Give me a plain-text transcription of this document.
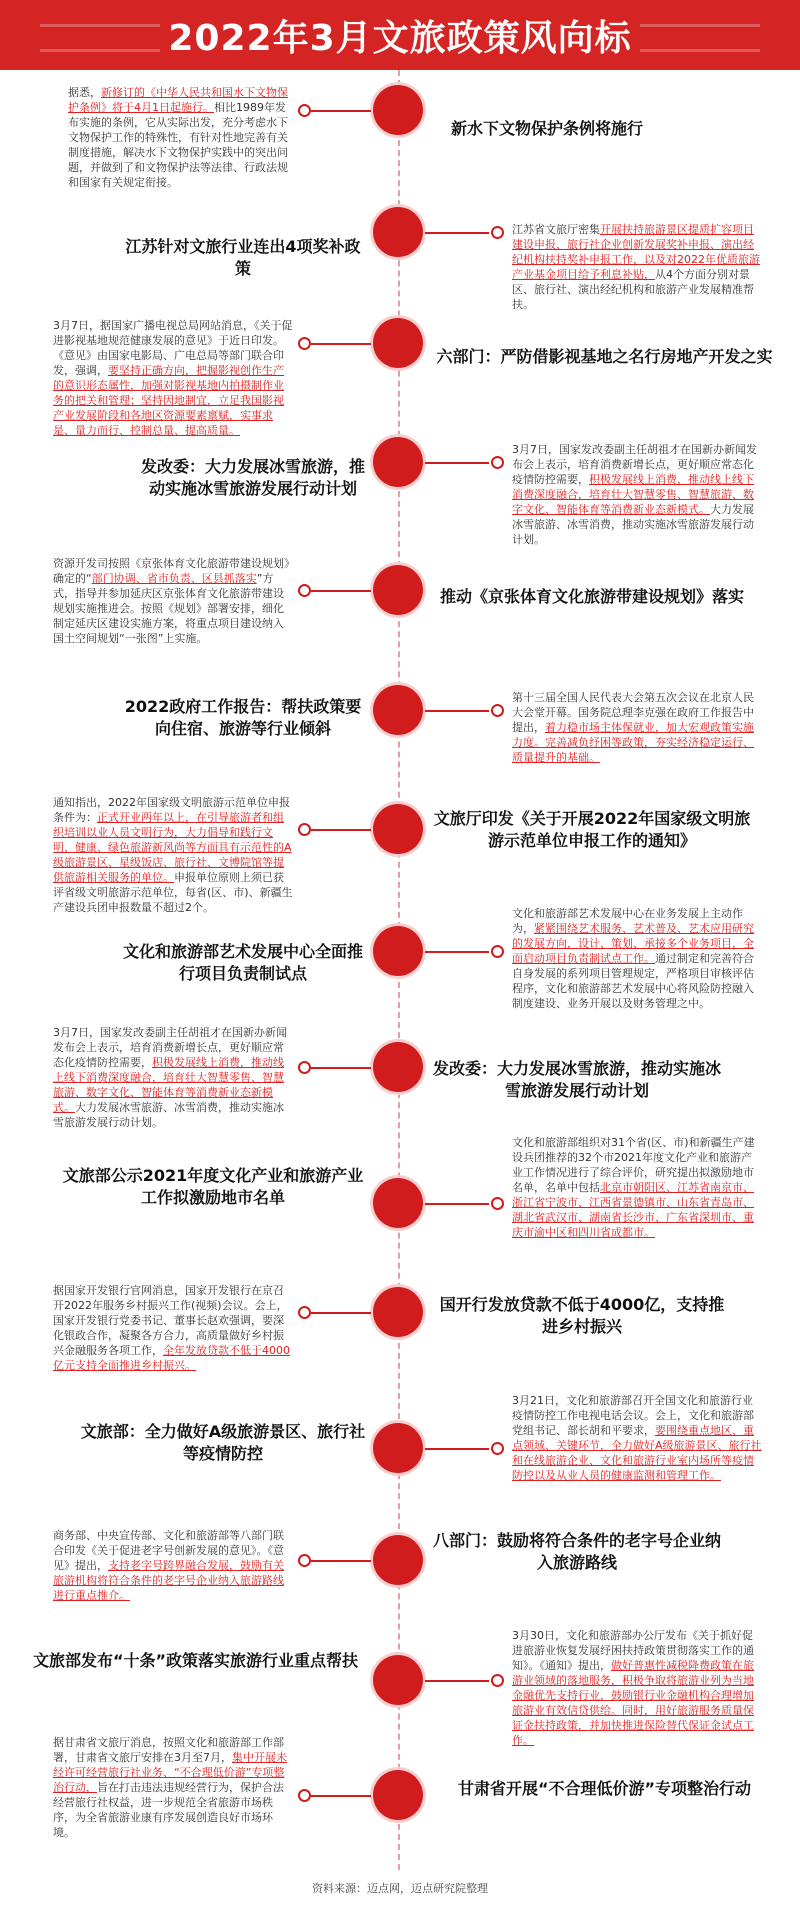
2022年3月文旅政策风向标
新水下文物保护条例将施行
据悉，新修订的《中华人民共和国水下文物保护条例》将于4月1日起施行。相比1989年发布实施的条例，它从实际出发，充分考虑水下文物保护工作的特殊性，有针对性地完善有关制度措施，解决水下文物保护实践中的突出问题，并做到了和文物保护法等法律、行政法规和国家有关规定衔接。
江苏针对文旅行业连出4项奖补政策
江苏省文旅厅密集开展扶持旅游景区提质扩容项目建设申报、旅行社企业创新发展奖补申报、演出经纪机构扶持奖补申报工作，以及对2022年优质旅游产业基金项目给予利息补贴，从4个方面分别对景区、旅行社、演出经纪机构和旅游产业发展精准帮扶。
六部门：严防借影视基地之名行房地产开发之实
3月7日，据国家广播电视总局网站消息，《关于促进影视基地规范健康发展的意见》于近日印发。《意见》由国家电影局、广电总局等部门联合印发，强调，要坚持正确方向，把握影视创作生产的意识形态属性，加强对影视基地内拍摄制作业务的把关和管理；坚持因地制宜，立足我国影视产业发展阶段和各地区资源要素禀赋，实事求是、量力而行、控制总量、提高质量。
发改委：大力发展冰雪旅游，推动实施冰雪旅游发展行动计划
3月7日，国家发改委副主任胡祖才在国新办新闻发布会上表示，培育消费新增长点，更好顺应常态化疫情防控需要，积极发展线上消费，推动线上线下消费深度融合，培育壮大智慧零售、智慧旅游、数字文化、智能体育等消费新业态新模式。大力发展冰雪旅游、冰雪消费，推动实施冰雪旅游发展行动计划。
推动《京张体育文化旅游带建设规划》落实
资源开发司按照《京张体育文化旅游带建设规划》确定的“部门协调、省市负责、区县抓落实”方式，指导并参加延庆区京张体育文化旅游带建设规划实施推进会。按照《规划》部署安排，细化制定延庆区建设实施方案，将重点项目建设纳入国土空间规划“一张图”上实施。
2022政府工作报告：帮扶政策要向住宿、旅游等行业倾斜
第十三届全国人民代表大会第五次会议在北京人民大会堂开幕。国务院总理李克强在政府工作报告中提出，着力稳市场主体保就业，加大宏观政策实施力度。完善减负纾困等政策，夯实经济稳定运行、质量提升的基础。
文旅厅印发《关于开展2022年国家级文明旅游示范单位申报工作的通知》
通知指出，2022年国家级文明旅游示范单位申报条件为：正式开业两年以上，在引导旅游者和组织培训以业人员文明行为，大力倡导和践行文明、健康、绿色旅游新风尚等方面具有示范性的A级旅游景区、星级饭店、旅行社、文博院馆等提供旅游相关服务的单位。申报单位原则上须已获评省级文明旅游示范单位，每省(区、市)、新疆生产建设兵团申报数量不超过2个。
文化和旅游部艺术发展中心全面推行项目负责制试点
文化和旅游部艺术发展中心在业务发展上主动作为，紧紧围绕艺术服务、艺术普及、艺术应用研究的发展方向，设计、策划、承接多个业务项目，全面启动项目负责制试点工作。通过制定和完善符合自身发展的系列项目管理规定，严格项目审核评估程序，文化和旅游部艺术发展中心将风险防控融入制度建设、业务开展以及财务管理之中。
发改委：大力发展冰雪旅游，推动实施冰雪旅游发展行动计划
3月7日，国家发改委副主任胡祖才在国新办新闻发布会上表示，培育消费新增长点，更好顺应常态化疫情防控需要，积极发展线上消费，推动线上线下消费深度融合，培育壮大智慧零售、智慧旅游、数字文化、智能体育等消费新业态新模式。大力发展冰雪旅游、冰雪消费，推动实施冰雪旅游发展行动计划。
文旅部公示2021年度文化产业和旅游产业工作拟激励地市名单
文化和旅游部组织对31个省(区、市)和新疆生产建设兵团推荐的32个市2021年度文化产业和旅游产业工作情况进行了综合评价，研究提出拟激励地市名单，名单中包括北京市朝阳区、江苏省南京市、浙江省宁波市、江西省景德镇市、山东省青岛市、湖北省武汉市、湖南省长沙市、广东省深圳市、重庆市渝中区和四川省成都市。
国开行发放贷款不低于4000亿，支持推进乡村振兴
据国家开发银行官网消息，国家开发银行在京召开2022年服务乡村振兴工作(视频)会议。会上，国家开发银行党委书记、董事长赵欢强调，要深化银政合作，凝聚各方合力，高质量做好乡村振兴金融服务各项工作，全年发放贷款不低于4000亿元支持全面推进乡村振兴。
文旅部：全力做好A级旅游景区、旅行社等疫情防控
3月21日，文化和旅游部召开全国文化和旅游行业疫情防控工作电视电话会议。会上，文化和旅游部党组书记、部长胡和平要求，要围绕重点地区、重点领域、关键环节，全力做好A级旅游景区、旅行社和在线旅游企业、文化和旅游行业室内场所等疫情防控以及从业人员的健康监测和管理工作。
八部门：鼓励将符合条件的老字号企业纳入旅游路线
商务部、中央宣传部、文化和旅游部等八部门联合印发《关于促进老字号创新发展的意见》。《意见》提出，支持老字号跨界融合发展，鼓励有关旅游机构将符合条件的老字号企业纳入旅游路线进行重点推介。
文旅部发布“十条”政策落实旅游行业重点帮扶
3月30日，文化和旅游部办公厅发布《关于抓好促进旅游业恢复发展纾困扶持政策贯彻落实工作的通知》。《通知》提出，做好普惠性减税降费政策在旅游业领域的落地服务，积极争取将旅游业列为当地金融优先支持行业，鼓励银行业金融机构合理增加旅游业有效信贷供给。同时，用好旅游服务质量保证金扶持政策，并加快推进保险替代保证金试点工作。
甘肃省开展“不合理低价游”专项整治行动
据甘肃省文旅厅消息，按照文化和旅游部工作部署，甘肃省文旅厅安排在3月至7月，集中开展未经许可经营旅行社业务、“不合理低价游”专项整治行动，旨在打击违法违规经营行为，保护合法经营旅行社权益，进一步规范全省旅游市场秩序，为全省旅游业康有序发展创造良好市场环境。
资料来源：迈点网，迈点研究院整理
